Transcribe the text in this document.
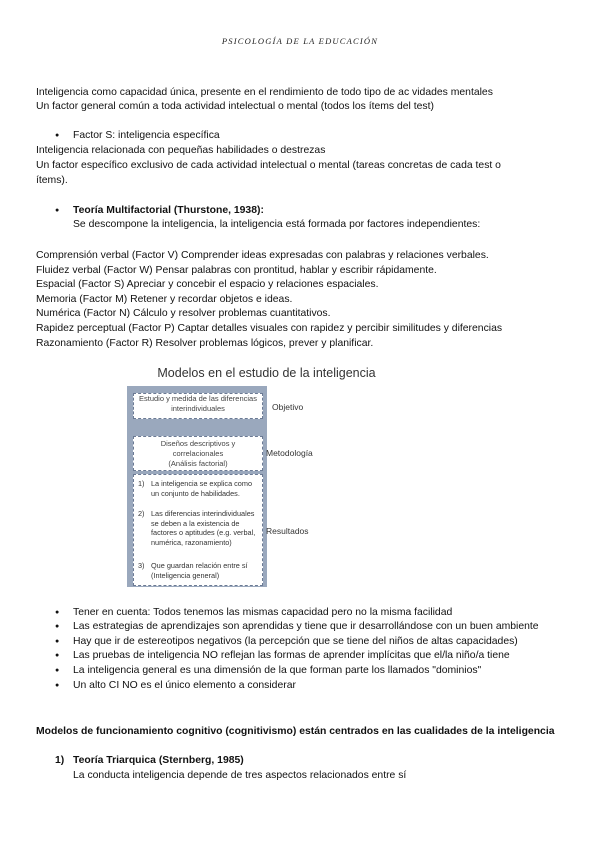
PSICOLOGÍA DE LA EDUCACIÓN
Inteligencia como capacidad única, presente en el rendimiento de todo tipo de ac vidades mentales
Un factor general común a toda actividad intelectual o mental (todos los ítems del test)
● Factor S: inteligencia específica
Inteligencia relacionada con pequeñas habilidades o destrezas
Un factor específico exclusivo de cada actividad intelectual o mental (tareas concretas de cada test o
ítems).
● Teoría Multifactorial (Thurstone, 1938):
Se descompone la inteligencia, la inteligencia está formada por factores independientes:
Comprensión verbal (Factor V) Comprender ideas expresadas con palabras y relaciones verbales.
Fluidez verbal (Factor W) Pensar palabras con prontitud, hablar y escribir rápidamente.
Espacial (Factor S) Apreciar y concebir el espacio y relaciones espaciales.
Memoria (Factor M) Retener y recordar objetos e ideas.
Numérica (Factor N) Cálculo y resolver problemas cuantitativos.
Rapidez perceptual (Factor P) Captar detalles visuales con rapidez y percibir similitudes y diferencias
Razonamiento (Factor R) Resolver problemas lógicos, prever y planificar.
Modelos en el estudio de la inteligencia
Estudio y medida de las diferencias interindividuales	Objetivo
Diseños descriptivos y
correlacionales
(Análisis factorial)
Metodología
1) La inteligencia se explica como un conjunto de habilidades.
2) Las diferencias interindividuales se deben a la existencia de factores o aptitudes (e.g. verbal, numérica, razonamiento)
3) Que guardan relación entre sí (Inteligencia general)
Resultados
● Tener en cuenta: Todos tenemos las mismas capacidad pero no la misma facilidad
● Las estrategias de aprendizajes son aprendidas y tiene que ir desarrollándose con un buen ambiente
● Hay que ir de estereotipos negativos (la percepción que se tiene del niños de altas capacidades)
● Las pruebas de inteligencia NO reflejan las formas de aprender implícitas que el/la niño/a tiene
● La inteligencia general es una dimensión de la que forman parte los llamados "dominios"
● Un alto CI NO es el único elemento a considerar
Modelos de funcionamiento cognitivo (cognitivismo) están centrados en las cualidades de la inteligencia
1) Teoría Triarquica (Sternberg, 1985)
La conducta inteligencia depende de tres aspectos relacionados entre sí
